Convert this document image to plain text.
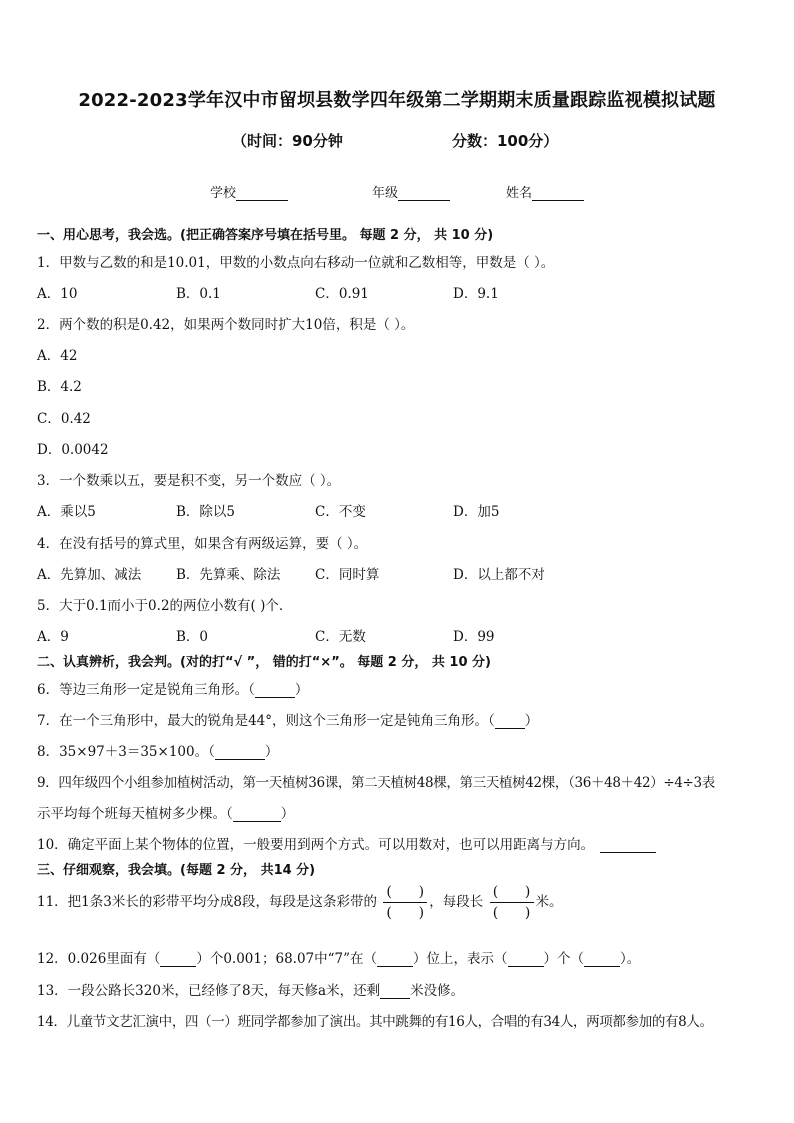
2022-2023学年汉中市留坝县数学四年级第二学期期末质量跟踪监视模拟试题
（时间：90分钟	分数：100分）
学校	年级	姓名
一、用心思考，我会选。(把正确答案序号填在括号里。 每题 2 分， 共 10 分)
1．甲数与乙数的和是10.01，甲数的小数点向右移动一位就和乙数相等，甲数是（ ）。
A．10	B．0.1	C．0.91	D．9.1
2．两个数的积是0.42，如果两个数同时扩大10倍，积是（ ）。
A．42
B．4.2
C．0.42
D．0.0042
3．一个数乘以五，要是积不变，另一个数应（ ）。
A．乘以5	B．除以5	C．不变	D．加5
4．在没有括号的算式里，如果含有两级运算，要（ ）。
A．先算加、减法	B．先算乘、除法	C．同时算	D．以上都不对
5．大于0.1而小于0.2的两位小数有( )个．
A．9	B．0	C．无数	D．99
二、认真辨析，我会判。(对的打“√ ”， 错的打“×”。 每题 2 分， 共 10 分)
6．等边三角形一定是锐角三角形。（	）
7．在一个三角形中，最大的锐角是44°，则这个三角形一定是钝角三角形。（ ）
8．35×97＋3＝35×100。（	）
9．四年级四个小组参加植树活动，第一天植树36课，第二天植树48棵，第三天植树42棵，（36＋48＋42）÷4÷3表
示平均每个班每天植树多少棵。（	）
10．确定平面上某个物体的位置，一般要用到两个方式。可以用数对，也可以用距离与方向。
三、仔细观察，我会填。(每题 2 分， 共14 分)
11．把1条3米长的彩带平均分成8段，每段是这条彩带的 $\frac{( )}{( )}$ ，每段长 $\frac{( )}{( )}$ 米。
12．0.026里面有（	）个0.001；68.07中“7”在（	）位上，表示（	）个（	）。
13．一段公路长320米，已经修了8天，每天修a米，还剩 米没修。
14．儿童节文艺汇演中，四（一）班同学都参加了演出。其中跳舞的有16人，合唱的有34人，两项都参加的有8人。
